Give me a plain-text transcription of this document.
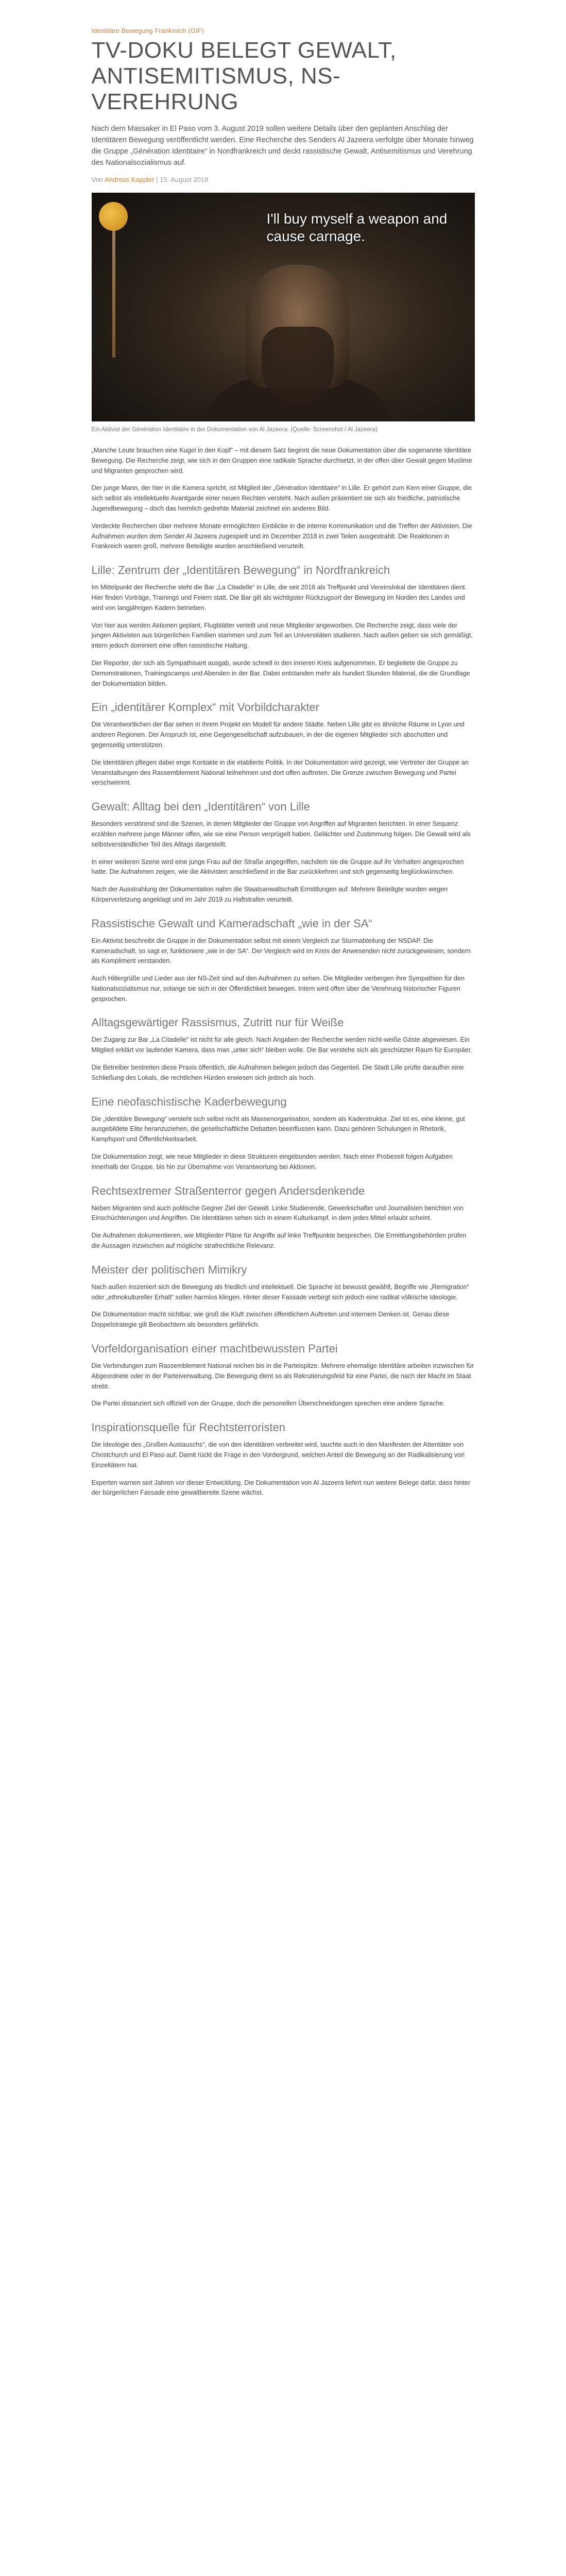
Identitäre Bewegung Frankreich (GIF)
TV-DOKU BELEGT GEWALT, ANTISEMITISMUS, NS-VEREHRUNG

Nach dem Massaker in El Paso vom 3. August 2019 sollen weitere Details über den geplanten Anschlag der Identitären Bewegung veröffentlicht werden. Eine Recherche des Senders Al Jazeera verfolgte über Monate hinweg die Gruppe „Génération Identitaire“ in Nordfrankreich und deckt rassistische Gewalt, Antisemitismus und Verehrung des Nationalsozialismus auf.

Von Andreas Kappler | 15. August 2019
I'll buy myself a weapon and cause carnage.
Ein Aktivist der Génération Identitaire in der Dokumentation von Al Jazeera. (Quelle: Screenshot / Al Jazeera)

„Manche Leute brauchen eine Kugel in den Kopf“ – mit diesem Satz beginnt die neue Dokumentation über die sogenannte Identitäre Bewegung. Die Recherche zeigt, wie sich in den Gruppen eine radikale Sprache durchsetzt, in der offen über Gewalt gegen Muslime und Migranten gesprochen wird.

Der junge Mann, der hier in die Kamera spricht, ist Mitglied der „Génération Identitaire“ in Lille. Er gehört zum Kern einer Gruppe, die sich selbst als intellektuelle Avantgarde einer neuen Rechten versteht. Nach außen präsentiert sie sich als friedliche, patriotische Jugendbewegung – doch das heimlich gedrehte Material zeichnet ein anderes Bild.

Verdeckte Recherchen über mehrere Monate ermöglichten Einblicke in die interne Kommunikation und die Treffen der Aktivisten. Die Aufnahmen wurden dem Sender Al Jazeera zugespielt und im Dezember 2018 in zwei Teilen ausgestrahlt. Die Reaktionen in Frankreich waren groß, mehrere Beteiligte wurden anschließend verurteilt.

Lille: Zentrum der „Identitären Bewegung“ in Nordfrankreich

Im Mittelpunkt der Recherche steht die Bar „La Citadelle“ in Lille, die seit 2016 als Treffpunkt und Vereinslokal der Identitären dient. Hier finden Vorträge, Trainings und Feiern statt. Die Bar gilt als wichtigster Rückzugsort der Bewegung im Norden des Landes und wird von langjährigen Kadern betrieben.

Von hier aus werden Aktionen geplant, Flugblätter verteilt und neue Mitglieder angeworben. Die Recherche zeigt, dass viele der jungen Aktivisten aus bürgerlichen Familien stammen und zum Teil an Universitäten studieren. Nach außen geben sie sich gemäßigt, intern jedoch dominiert eine offen rassistische Haltung.

Der Reporter, der sich als Sympathisant ausgab, wurde schnell in den inneren Kreis aufgenommen. Er begleitete die Gruppe zu Demonstrationen, Trainingscamps und Abenden in der Bar. Dabei entstanden mehr als hundert Stunden Material, die die Grundlage der Dokumentation bilden.

Ein „identitärer Komplex“ mit Vorbildcharakter

Die Verantwortlichen der Bar sehen in ihrem Projekt ein Modell für andere Städte. Neben Lille gibt es ähnliche Räume in Lyon und anderen Regionen. Der Anspruch ist, eine Gegengesellschaft aufzubauen, in der die eigenen Mitglieder sich abschotten und gegenseitig unterstützen.

Die Identitären pflegen dabei enge Kontakte in die etablierte Politik. In der Dokumentation wird gezeigt, wie Vertreter der Gruppe an Veranstaltungen des Rassemblement National teilnehmen und dort offen auftreten. Die Grenze zwischen Bewegung und Partei verschwimmt.

Gewalt: Alltag bei den „Identitären“ von Lille

Besonders verstörend sind die Szenen, in denen Mitglieder der Gruppe von Angriffen auf Migranten berichten. In einer Sequenz erzählen mehrere junge Männer offen, wie sie eine Person verprügelt haben. Gelächter und Zustimmung folgen. Die Gewalt wird als selbstverständlicher Teil des Alltags dargestellt.

In einer weiteren Szene wird eine junge Frau auf der Straße angegriffen, nachdem sie die Gruppe auf ihr Verhalten angesprochen hatte. Die Aufnahmen zeigen, wie die Aktivisten anschließend in die Bar zurückkehren und sich gegenseitig beglückwünschen.

Nach der Ausstrahlung der Dokumentation nahm die Staatsanwaltschaft Ermittlungen auf. Mehrere Beteiligte wurden wegen Körperverletzung angeklagt und im Jahr 2019 zu Haftstrafen verurteilt.

Rassistische Gewalt und Kameradschaft „wie in der SA“

Ein Aktivist beschreibt die Gruppe in der Dokumentation selbst mit einem Vergleich zur Sturmabteilung der NSDAP. Die Kameradschaft, so sagt er, funktioniere „wie in der SA“. Der Vergleich wird im Kreis der Anwesenden nicht zurückgewiesen, sondern als Kompliment verstanden.

Auch Hitlergrüße und Lieder aus der NS-Zeit sind auf den Aufnahmen zu sehen. Die Mitglieder verbergen ihre Sympathien für den Nationalsozialismus nur, solange sie sich in der Öffentlichkeit bewegen. Intern wird offen über die Verehrung historischer Figuren gesprochen.

Alltagsgewärtiger Rassismus, Zutritt nur für Weiße

Der Zugang zur Bar „La Citadelle“ ist nicht für alle gleich. Nach Angaben der Recherche werden nicht-weiße Gäste abgewiesen. Ein Mitglied erklärt vor laufender Kamera, dass man „unter sich“ bleiben wolle. Die Bar verstehe sich als geschützter Raum für Europäer.

Die Betreiber bestreiten diese Praxis öffentlich, die Aufnahmen belegen jedoch das Gegenteil. Die Stadt Lille prüfte daraufhin eine Schließung des Lokals, die rechtlichen Hürden erwiesen sich jedoch als hoch.

Eine neofaschistische Kaderbewegung

Die „Identitäre Bewegung“ versteht sich selbst nicht als Massenorganisation, sondern als Kaderstruktur. Ziel ist es, eine kleine, gut ausgebildete Elite heranzuziehen, die gesellschaftliche Debatten beeinflussen kann. Dazu gehören Schulungen in Rhetorik, Kampfsport und Öffentlichkeitsarbeit.

Die Dokumentation zeigt, wie neue Mitglieder in diese Strukturen eingebunden werden. Nach einer Probezeit folgen Aufgaben innerhalb der Gruppe, bis hin zur Übernahme von Verantwortung bei Aktionen.

Rechtsextremer Straßenterror gegen Andersdenkende

Neben Migranten sind auch politische Gegner Ziel der Gewalt. Linke Studierende, Gewerkschafter und Journalisten berichten von Einschüchterungen und Angriffen. Die Identitären sehen sich in einem Kulturkampf, in dem jedes Mittel erlaubt scheint.

Die Aufnahmen dokumentieren, wie Mitglieder Pläne für Angriffe auf linke Treffpunkte besprechen. Die Ermittlungsbehörden prüfen die Aussagen inzwischen auf mögliche strafrechtliche Relevanz.

Meister der politischen Mimikry

Nach außen inszeniert sich die Bewegung als friedlich und intellektuell. Die Sprache ist bewusst gewählt, Begriffe wie „Remigration“ oder „ethnokultureller Erhalt“ sollen harmlos klingen. Hinter dieser Fassade verbirgt sich jedoch eine radikal völkische Ideologie.

Die Dokumentation macht sichtbar, wie groß die Kluft zwischen öffentlichem Auftreten und internem Denken ist. Genau diese Doppelstrategie gilt Beobachtern als besonders gefährlich.

Vorfeldorganisation einer machtbewussten Partei

Die Verbindungen zum Rassemblement National reichen bis in die Parteispitze. Mehrere ehemalige Identitäre arbeiten inzwischen für Abgeordnete oder in der Parteiverwaltung. Die Bewegung dient so als Rekrutierungsfeld für eine Partei, die nach der Macht im Staat strebt.

Die Partei distanziert sich offiziell von der Gruppe, doch die personellen Überschneidungen sprechen eine andere Sprache.

Inspirationsquelle für Rechtsterroristen

Die Ideologie des „Großen Austauschs“, die von den Identitären verbreitet wird, tauchte auch in den Manifesten der Attentäter von Christchurch und El Paso auf. Damit rückt die Frage in den Vordergrund, welchen Anteil die Bewegung an der Radikalisierung von Einzeltätern hat.

Experten warnen seit Jahren vor dieser Entwicklung. Die Dokumentation von Al Jazeera liefert nun weitere Belege dafür, dass hinter der bürgerlichen Fassade eine gewaltbereite Szene wächst.
